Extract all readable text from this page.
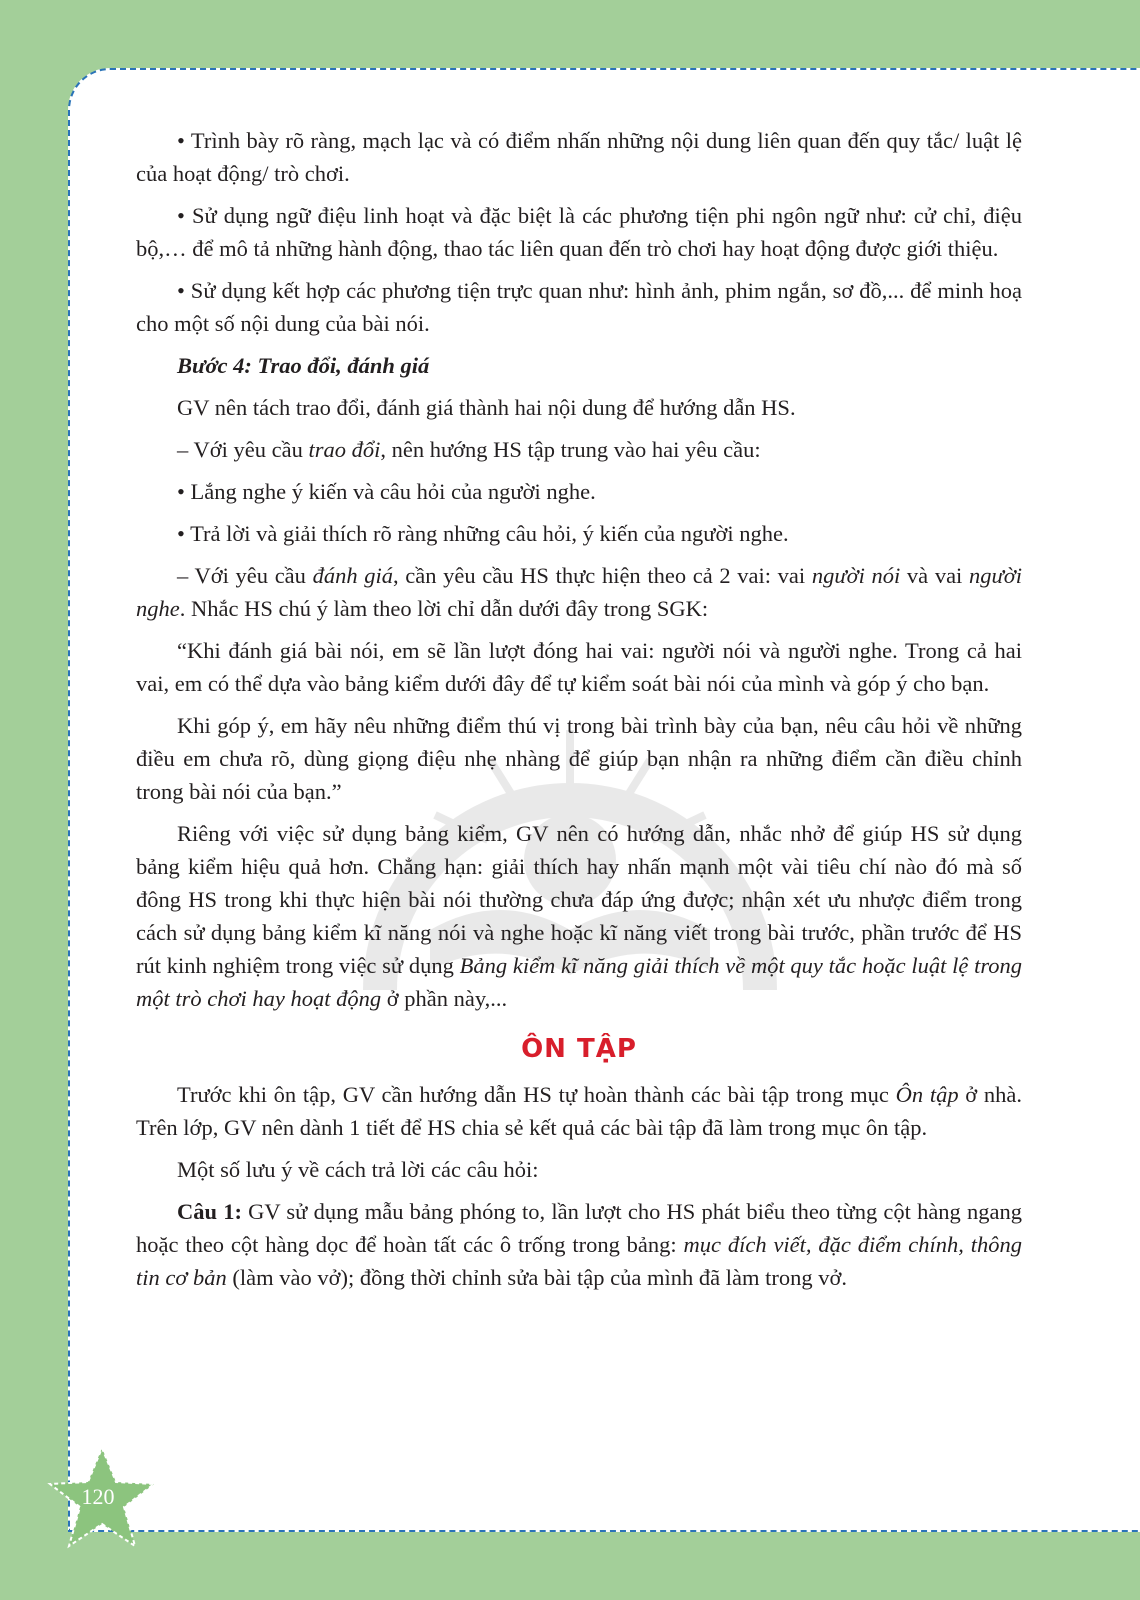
• Trình bày rõ ràng, mạch lạc và có điểm nhấn những nội dung liên quan đến quy tắc/ luật lệ của hoạt động/ trò chơi.

• Sử dụng ngữ điệu linh hoạt và đặc biệt là các phương tiện phi ngôn ngữ như: cử chỉ, điệu bộ,… để mô tả những hành động, thao tác liên quan đến trò chơi hay hoạt động được giới thiệu.

• Sử dụng kết hợp các phương tiện trực quan như: hình ảnh, phim ngắn, sơ đồ,... để minh hoạ cho một số nội dung của bài nói.

Bước 4: Trao đổi, đánh giá

GV nên tách trao đổi, đánh giá thành hai nội dung để hướng dẫn HS.

– Với yêu cầu trao đổi, nên hướng HS tập trung vào hai yêu cầu:

• Lắng nghe ý kiến và câu hỏi của người nghe.

• Trả lời và giải thích rõ ràng những câu hỏi, ý kiến của người nghe.

– Với yêu cầu đánh giá, cần yêu cầu HS thực hiện theo cả 2 vai: vai người nói và vai người nghe. Nhắc HS chú ý làm theo lời chỉ dẫn dưới đây trong SGK:

“Khi đánh giá bài nói, em sẽ lần lượt đóng hai vai: người nói và người nghe. Trong cả hai vai, em có thể dựa vào bảng kiểm dưới đây để tự kiểm soát bài nói của mình và góp ý cho bạn.

Khi góp ý, em hãy nêu những điểm thú vị trong bài trình bày của bạn, nêu câu hỏi về những điều em chưa rõ, dùng giọng điệu nhẹ nhàng để giúp bạn nhận ra những điểm cần điều chỉnh trong bài nói của bạn.”

Riêng với việc sử dụng bảng kiểm, GV nên có hướng dẫn, nhắc nhở để giúp HS sử dụng bảng kiểm hiệu quả hơn. Chẳng hạn: giải thích hay nhấn mạnh một vài tiêu chí nào đó mà số đông HS trong khi thực hiện bài nói thường chưa đáp ứng được; nhận xét ưu nhược điểm trong cách sử dụng bảng kiểm kĩ năng nói và nghe hoặc kĩ năng viết trong bài trước, phần trước để HS rút kinh nghiệm trong việc sử dụng Bảng kiểm kĩ năng giải thích về một quy tắc hoặc luật lệ trong một trò chơi hay hoạt động ở phần này,...

ÔN TẬP

Trước khi ôn tập, GV cần hướng dẫn HS tự hoàn thành các bài tập trong mục Ôn tập ở nhà. Trên lớp, GV nên dành 1 tiết để HS chia sẻ kết quả các bài tập đã làm trong mục ôn tập.

Một số lưu ý về cách trả lời các câu hỏi:

Câu 1: GV sử dụng mẫu bảng phóng to, lần lượt cho HS phát biểu theo từng cột hàng ngang hoặc theo cột hàng dọc để hoàn tất các ô trống trong bảng: mục đích viết, đặc điểm chính, thông tin cơ bản (làm vào vở); đồng thời chỉnh sửa bài tập của mình đã làm trong vở.

120
